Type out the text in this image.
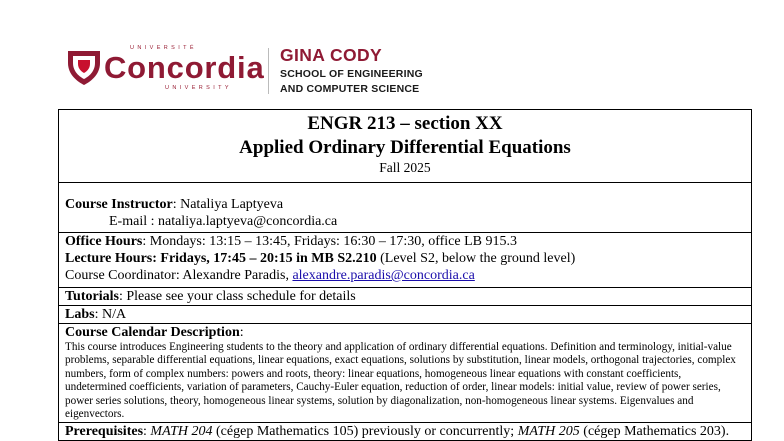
UNIVERSITÉ
Concordia
UNIVERSITY
GINA CODY
SCHOOL OF ENGINEERING
AND COMPUTER SCIENCE
ENGR 213 – section XX
Applied Ordinary Differential Equations
Fall 2025

Course Instructor: Nataliya Laptyeva
E-mail : nataliya.laptyeva@concordia.ca

Office Hours: Mondays: 13:15 – 13:45, Fridays: 16:30 – 17:30, office LB 915.3
Lecture Hours: Fridays, 17:45 – 20:15 in MB S2.210 (Level S2, below the ground level)
Course Coordinator: Alexandre Paradis, alexandre.paradis@concordia.ca

Tutorials: Please see your class schedule for details

Labs: N/A

Course Calendar Description:
This course introduces Engineering students to the theory and application of ordinary differential equations. Definition and terminology, initial-value problems, separable differential equations, linear equations, exact equations, solutions by substitution, linear models, orthogonal trajectories, complex numbers, form of complex numbers: powers and roots, theory: linear equations, homogeneous linear equations with constant coefficients, undetermined coefficients, variation of parameters, Cauchy-Euler equation, reduction of order, linear models: initial value, review of power series, power series solutions, theory, homogeneous linear systems, solution by diagonalization, non-homogeneous linear systems. Eigenvalues and eigenvectors.

Prerequisites: MATH 204 (cégep Mathematics 105) previously or concurrently; MATH 205 (cégep Mathematics 203).
